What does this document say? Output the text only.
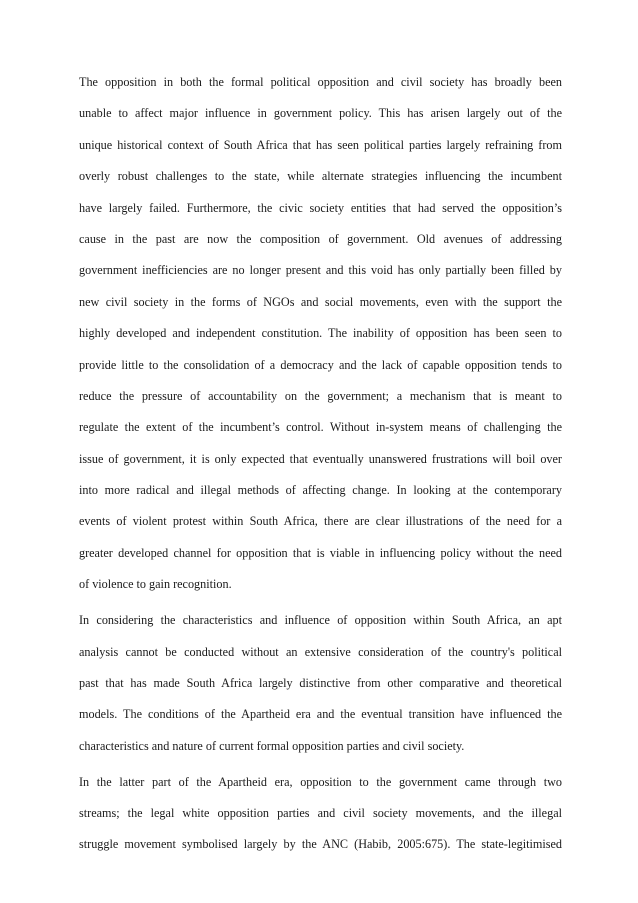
The opposition in both the formal political opposition and civil society has broadly been
unable to affect major influence in government policy. This has arisen largely out of the
unique historical context of South Africa that has seen political parties largely refraining from
overly robust challenges to the state, while alternate strategies influencing the incumbent
have largely failed. Furthermore, the civic society entities that had served the opposition’s
cause in the past are now the composition of government. Old avenues of addressing
government inefficiencies are no longer present and this void has only partially been filled by
new civil society in the forms of NGOs and social movements, even with the support the
highly developed and independent constitution. The inability of opposition has been seen to
provide little to the consolidation of a democracy and the lack of capable opposition tends to
reduce the pressure of accountability on the government; a mechanism that is meant to
regulate the extent of the incumbent’s control. Without in-system means of challenging the
issue of government, it is only expected that eventually unanswered frustrations will boil over
into more radical and illegal methods of affecting change. In looking at the contemporary
events of violent protest within South Africa, there are clear illustrations of the need for a
greater developed channel for opposition that is viable in influencing policy without the need
of violence to gain recognition.
In considering the characteristics and influence of opposition within South Africa, an apt
analysis cannot be conducted without an extensive consideration of the country's political
past that has made South Africa largely distinctive from other comparative and theoretical
models. The conditions of the Apartheid era and the eventual transition have influenced the
characteristics and nature of current formal opposition parties and civil society.
In the latter part of the Apartheid era, opposition to the government came through two
streams; the legal white opposition parties and civil society movements, and the illegal
struggle movement symbolised largely by the ANC (Habib, 2005:675). The state-legitimised
